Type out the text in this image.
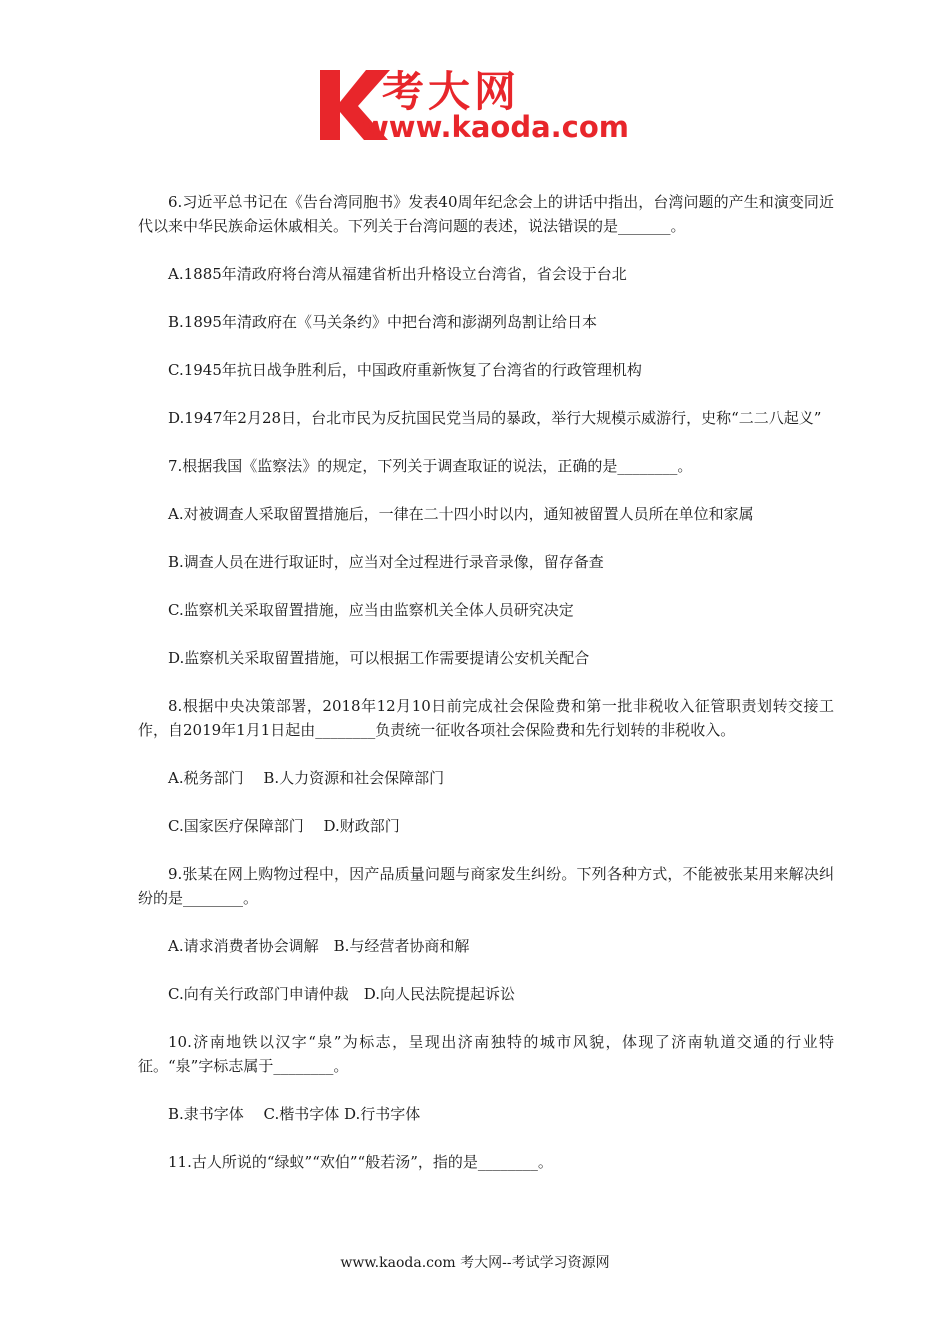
考大网
www.kaoda.com

6.习近平总书记在《告台湾同胞书》发表40周年纪念会上的讲话中指出，台湾问题的产生和演变同近代以来中华民族命运休戚相关。下列关于台湾问题的表述，说法错误的是_______。

A.1885年清政府将台湾从福建省析出升格设立台湾省，省会设于台北

B.1895年清政府在《马关条约》中把台湾和澎湖列岛割让给日本

C.1945年抗日战争胜利后，中国政府重新恢复了台湾省的行政管理机构

D.1947年2月28日，台北市民为反抗国民党当局的暴政，举行大规模示威游行，史称“二二八起义”

7.根据我国《监察法》的规定，下列关于调查取证的说法，正确的是________。

A.对被调查人采取留置措施后，一律在二十四小时以内，通知被留置人员所在单位和家属

B.调查人员在进行取证时，应当对全过程进行录音录像，留存备查

C.监察机关采取留置措施，应当由监察机关全体人员研究决定

D.监察机关采取留置措施，可以根据工作需要提请公安机关配合

8.根据中央决策部署，2018年12月10日前完成社会保险费和第一批非税收入征管职责划转交接工作，自2019年1月1日起由________负责统一征收各项社会保险费和先行划转的非税收入。

A.税务部门　 B.人力资源和社会保障部门

C.国家医疗保障部门　 D.财政部门

9.张某在网上购物过程中，因产品质量问题与商家发生纠纷。下列各种方式，不能被张某用来解决纠纷的是________。

A.请求消费者协会调解　B.与经营者协商和解

C.向有关行政部门申请仲裁　D.向人民法院提起诉讼

10.济南地铁以汉字“泉”为标志，呈现出济南独特的城市风貌，体现了济南轨道交通的行业特征。“泉”字标志属于________。

B.隶书字体　 C.楷书字体 D.行书字体

11.古人所说的“绿蚁”“欢伯”“般若汤”，指的是________。

www.kaoda.com 考大网--考试学习资源网
